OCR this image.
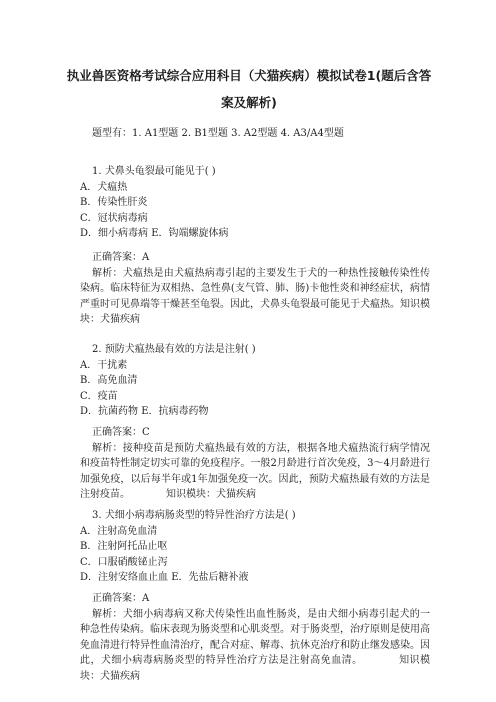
执业兽医资格考试综合应用科目（犬猫疾病）模拟试卷1(题后含答
案及解析)
题型有：1. A1型题 2. B1型题 3. A2型题 4. A3/A4型题
1. 犬鼻头龟裂最可能见于( )
A．犬瘟热
B．传染性肝炎
C．冠状病毒病
D．细小病毒病 E．钩端螺旋体病
正确答案：A
解析：犬瘟热是由犬瘟热病毒引起的主要发生于犬的一种热性接触传染性传染病。临床特征为双相热、急性鼻(支气管、肺、肠)卡他性炎和神经症状，病情严重时可见鼻端等干燥甚至龟裂。因此，犬鼻头龟裂最可能见于犬瘟热。知识模块：犬猫疾病
2. 预防犬瘟热最有效的方法是注射( )
A．干扰素
B．高免血清
C．疫苗
D．抗菌药物 E．抗病毒药物
正确答案：C
解析：接种疫苗是预防犬瘟热最有效的方法，根据各地犬瘟热流行病学情况和疫苗特性制定切实可靠的免疫程序。一般2月龄进行首次免疫，3～4月龄进行加强免疫，以后每半年或1年加强免疫一次。因此，预防犬瘟热最有效的方法是注射疫苗。	知识模块：犬猫疾病
3. 犬细小病毒病肠炎型的特异性治疗方法是( )
A．注射高免血清
B．注射阿托品止呕
C．口服硝酸铋止泻
D．注射安络血止血 E．先盐后糖补液
正确答案：A
解析：犬细小病毒病又称犬传染性出血性肠炎，是由犬细小病毒引起犬的一种急性传染病。临床表现为肠炎型和心肌炎型。对于肠炎型，治疗原则是使用高免血清进行特异性血清治疗，配合对症、解毒、抗休克治疗和防止继发感染。因此，犬细小病毒病肠炎型的特异性治疗方法是注射高免血清。	知识模块：犬猫疾病
